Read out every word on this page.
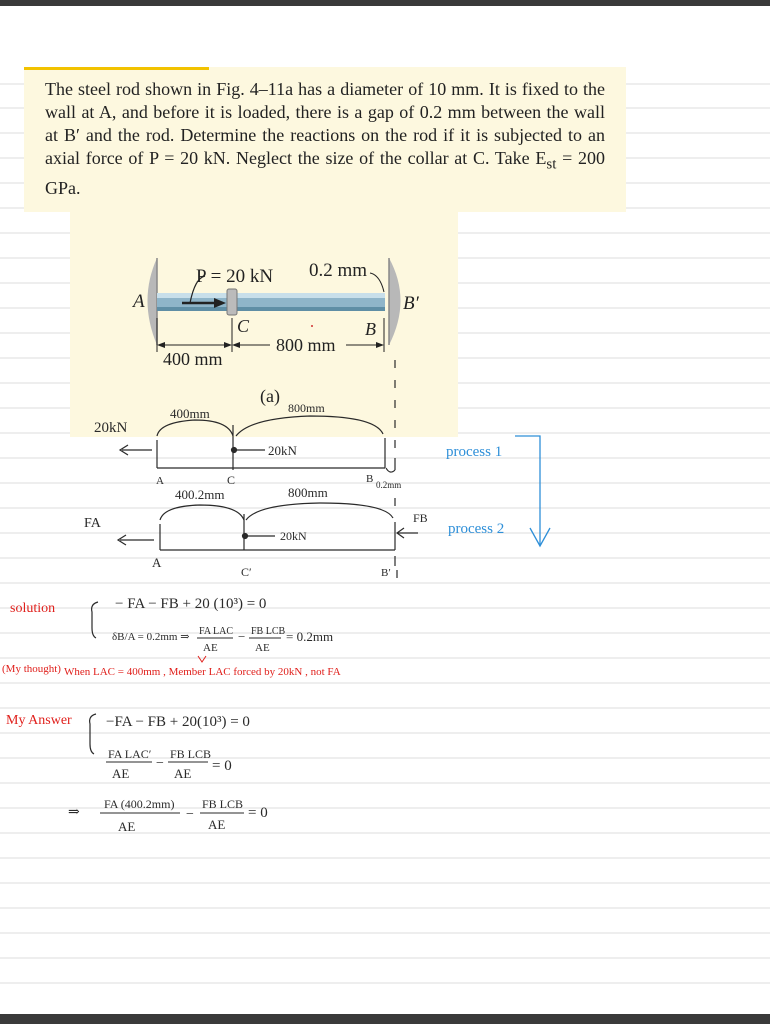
The steel rod shown in Fig. 4–11a has a diameter of 10 mm. It is fixed to the wall at A, and before it is loaded, there is a gap of 0.2 mm between the wall at B′ and the rod. Determine the reactions on the rod if it is subjected to an axial force of P = 20 kN. Neglect the size of the collar at C. Take $E_{st} = 200$ GPa.
P = 20 kN 0.2 mm
A	B′
C	B
400 mm
800 mm
(a)
20kN
400mm	800mm
20kN
A	C	B 0.2mm
FA	FB
400.2mm	800mm
20kN
A
C′	B′
process 1
process 2
solution	− FA − FB + 20 (10³) = 0
δB/A = 0.2mm ⇒ FA LAC
AE
− FB LCB
AE
= 0.2mm
(My thought) When LAC = 400mm , Member LAC forced by 20kN , not FA
My Answer −FA − FB + 20(10³) = 0
FA LAC′
AE
−
FB LCB
AE = 0
⇒
FA (400.2mm)
AE
−
FB LCB
AE
= 0
